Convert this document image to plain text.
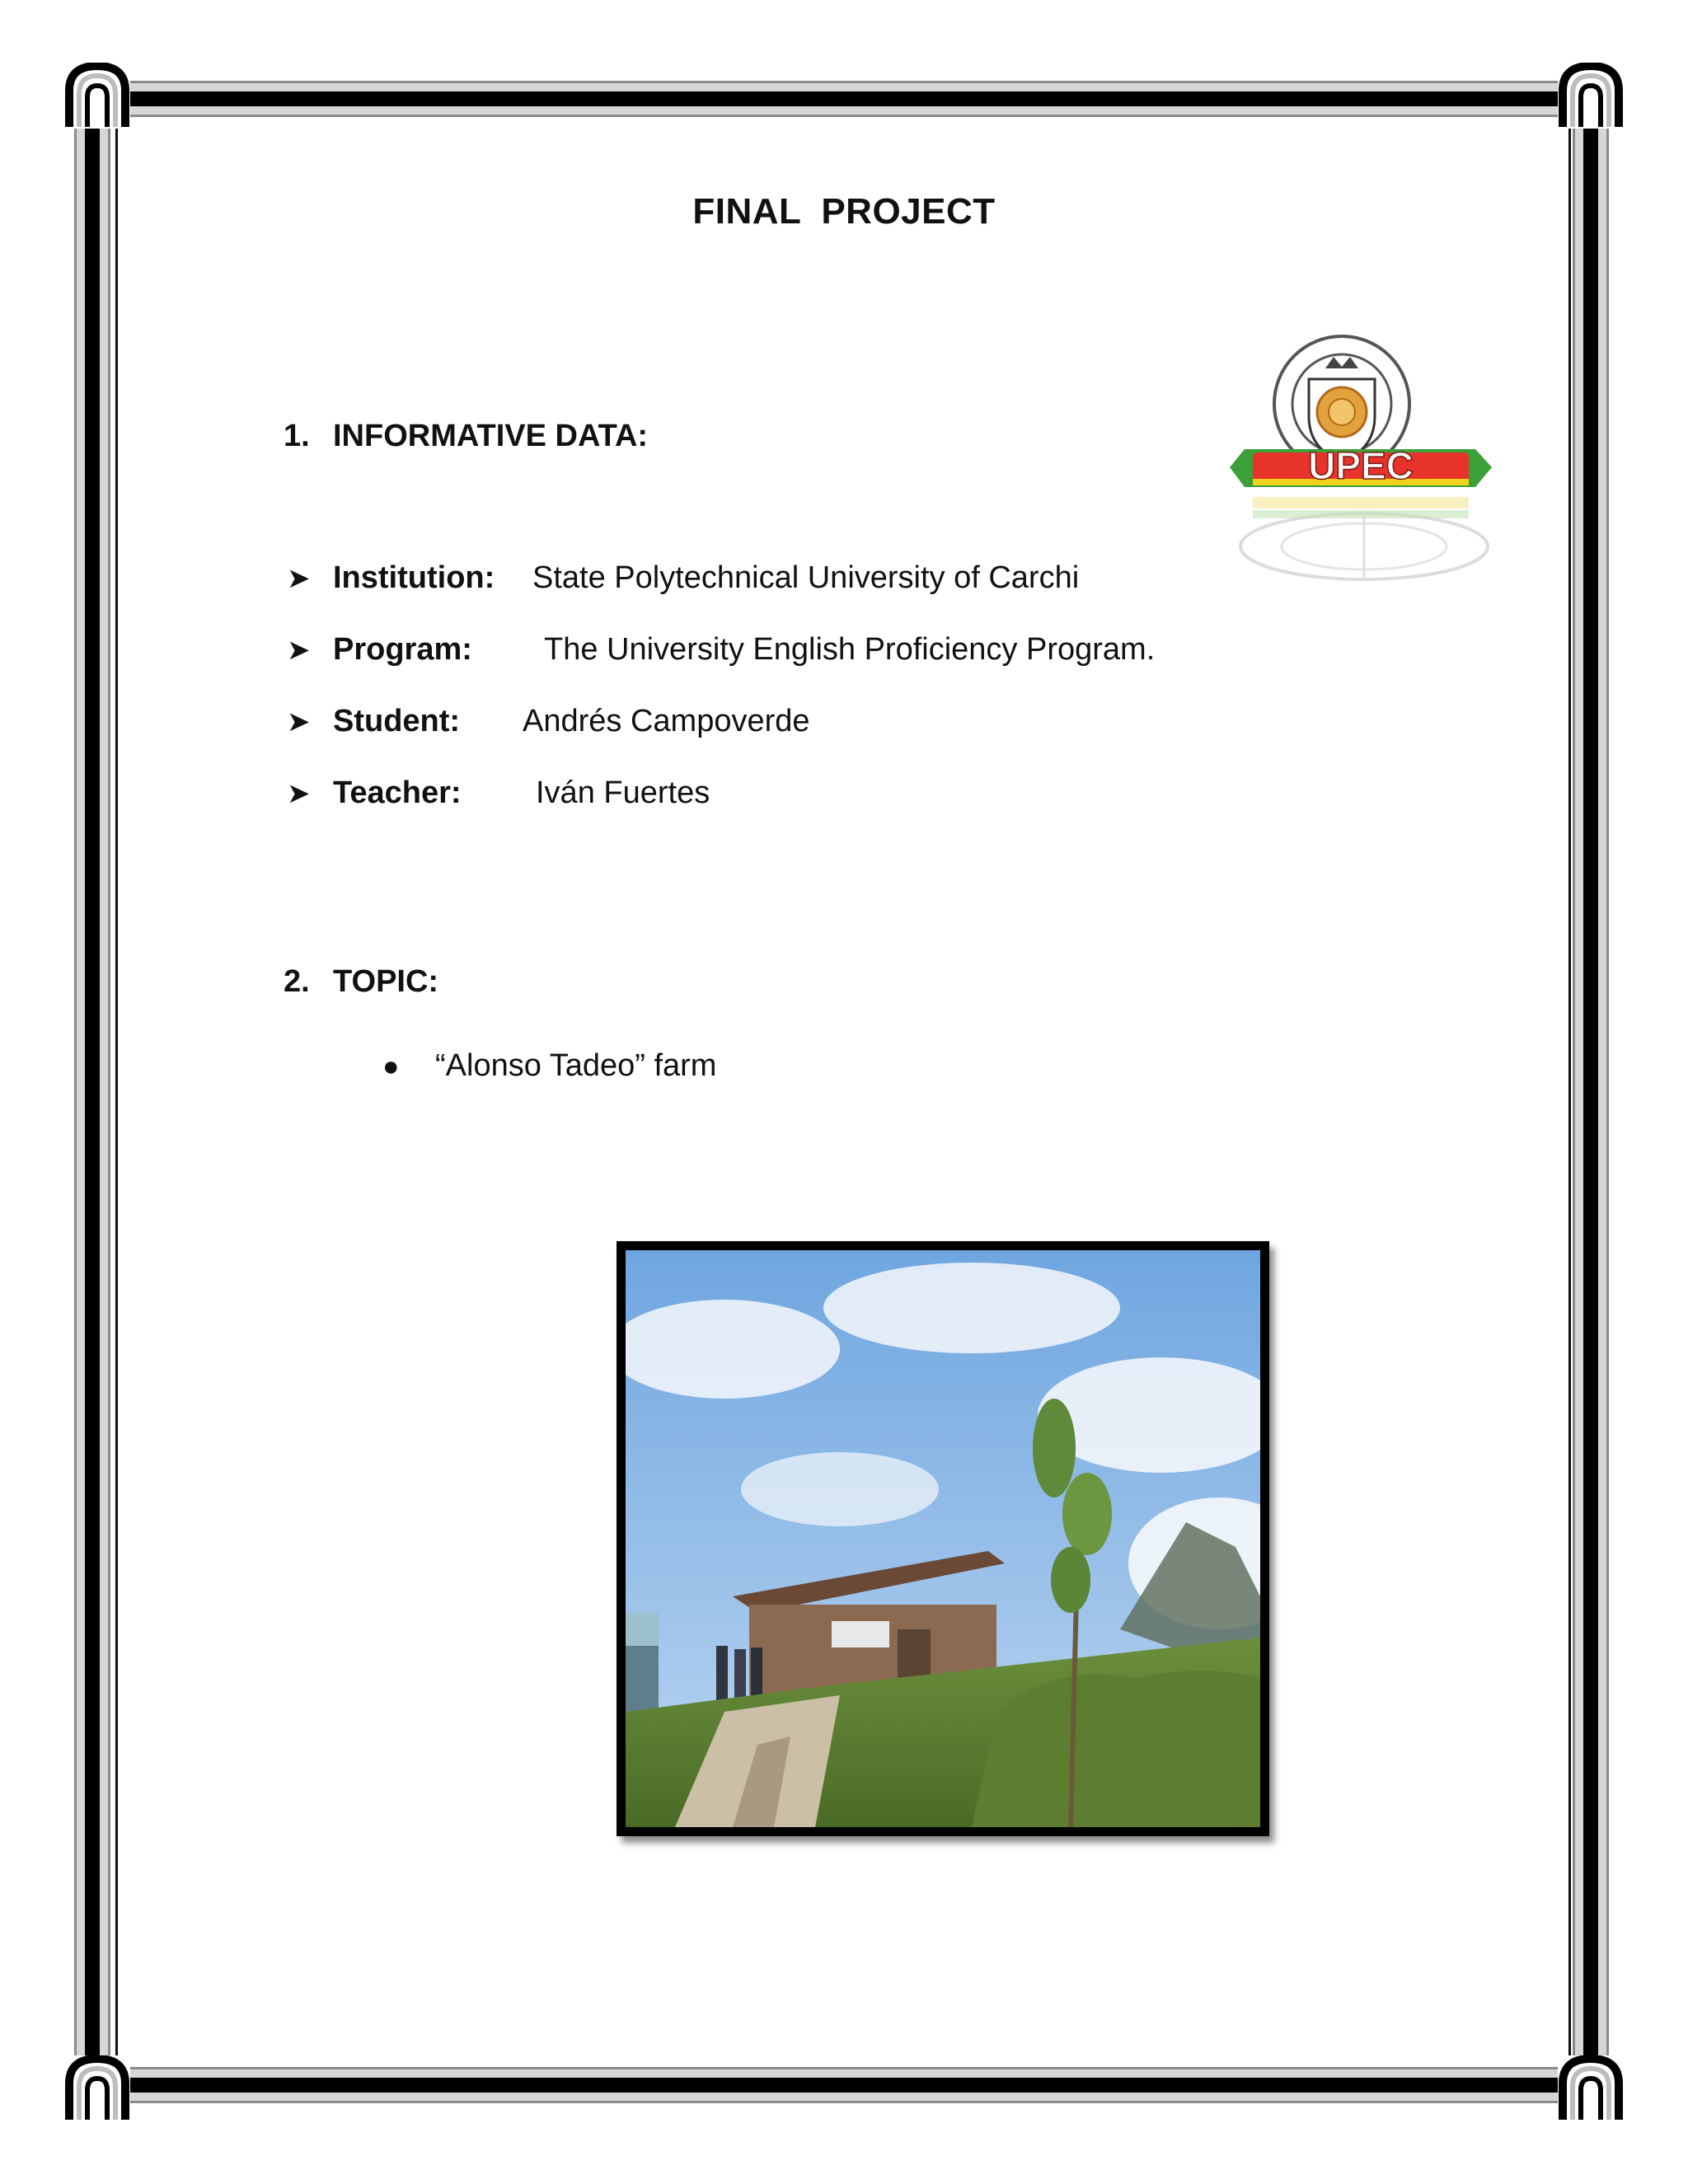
FINAL PROJECT
UPEC
1. INFORMATIVE DATA:
➤ Institution: State Polytechnical University of Carchi
➤ Program: The University English Proficiency Program.
➤ Student: Andrés Campoverde
➤ Teacher: Iván Fuertes
2. TOPIC:
● “Alonso Tadeo” farm
